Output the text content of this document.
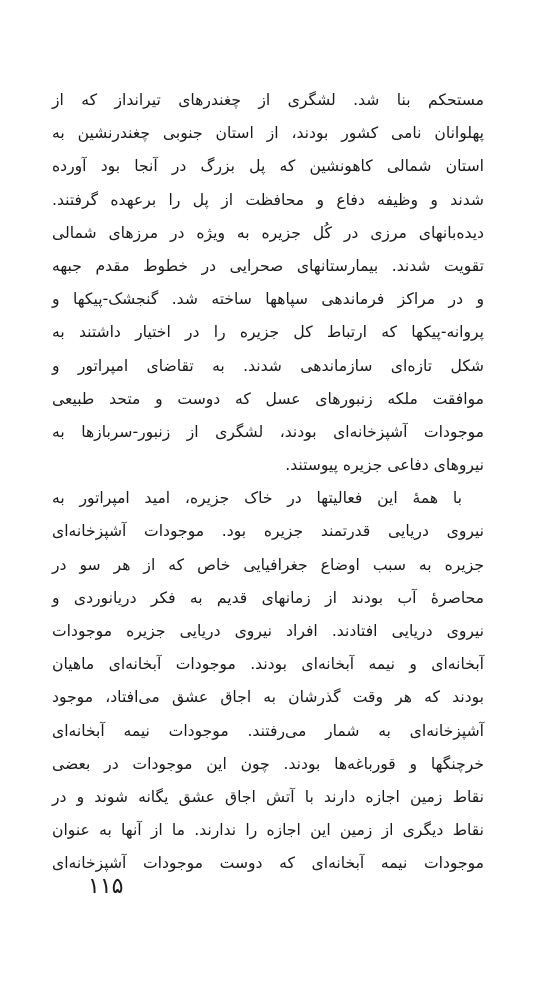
مستحکم بنا شد. لشگری از چغندرهای تیرانداز که از
پهلوانان نامی کشور بودند، از استان جنوبی چغندرنشین به
استان شمالی کاهونشین که پل بزرگ در آنجا بود آورده
شدند و وظیفه دفاع و محافظت از پل را برعهده گرفتند.
دیده‌بانهای مرزی در کُل جزیره به ویژه در مرزهای شمالی
تقویت شدند. بیمارستانهای صحرایی در خطوط مقدم جبهه
و در مراکز فرماندهی سپاهها ساخته شد. گنجشک-پیکها و
پروانه-پیکها که ارتباط کل جزیره را در اختیار داشتند به
شکل تازه‌ای سازماندهی شدند. به تقاضای امپراتور و
موافقت ملکه زنبورهای عسل که دوست و متحد طبیعی
موجودات آشپزخانه‌ای بودند، لشگری از زنبور-سربازها به
نیروهای دفاعی جزیره پیوستند.
با همهٔ این فعالیتها در خاک جزیره، امید امپراتور به
نیروی دریایی قدرتمند جزیره بود. موجودات آشپزخانه‌ای
جزیره به سبب اوضاع جغرافیایی خاص که از هر سو در
محاصرهٔ آب بودند از زمانهای قدیم به فکر دریانوردی و
نیروی دریایی افتادند. افراد نیروی دریایی جزیره موجودات
آبخانه‌ای و نیمه آبخانه‌ای بودند. موجودات آبخانه‌ای ماهیان
بودند که هر وقت گذرشان به اجاق عشق می‌افتاد، موجود
آشپزخانه‌ای به شمار می‌رفتند. موجودات نیمه آبخانه‌ای
خرچنگها و قورباغه‌ها بودند. چون این موجودات در بعضی
نقاط زمین اجازه دارند با آتش اجاق عشق یگانه شوند و در
نقاط دیگری از زمین این اجازه را ندارند. ما از آنها به عنوان
موجودات نیمه آبخانه‌ای که دوست موجودات آشپزخانه‌ای
۱۱۵
